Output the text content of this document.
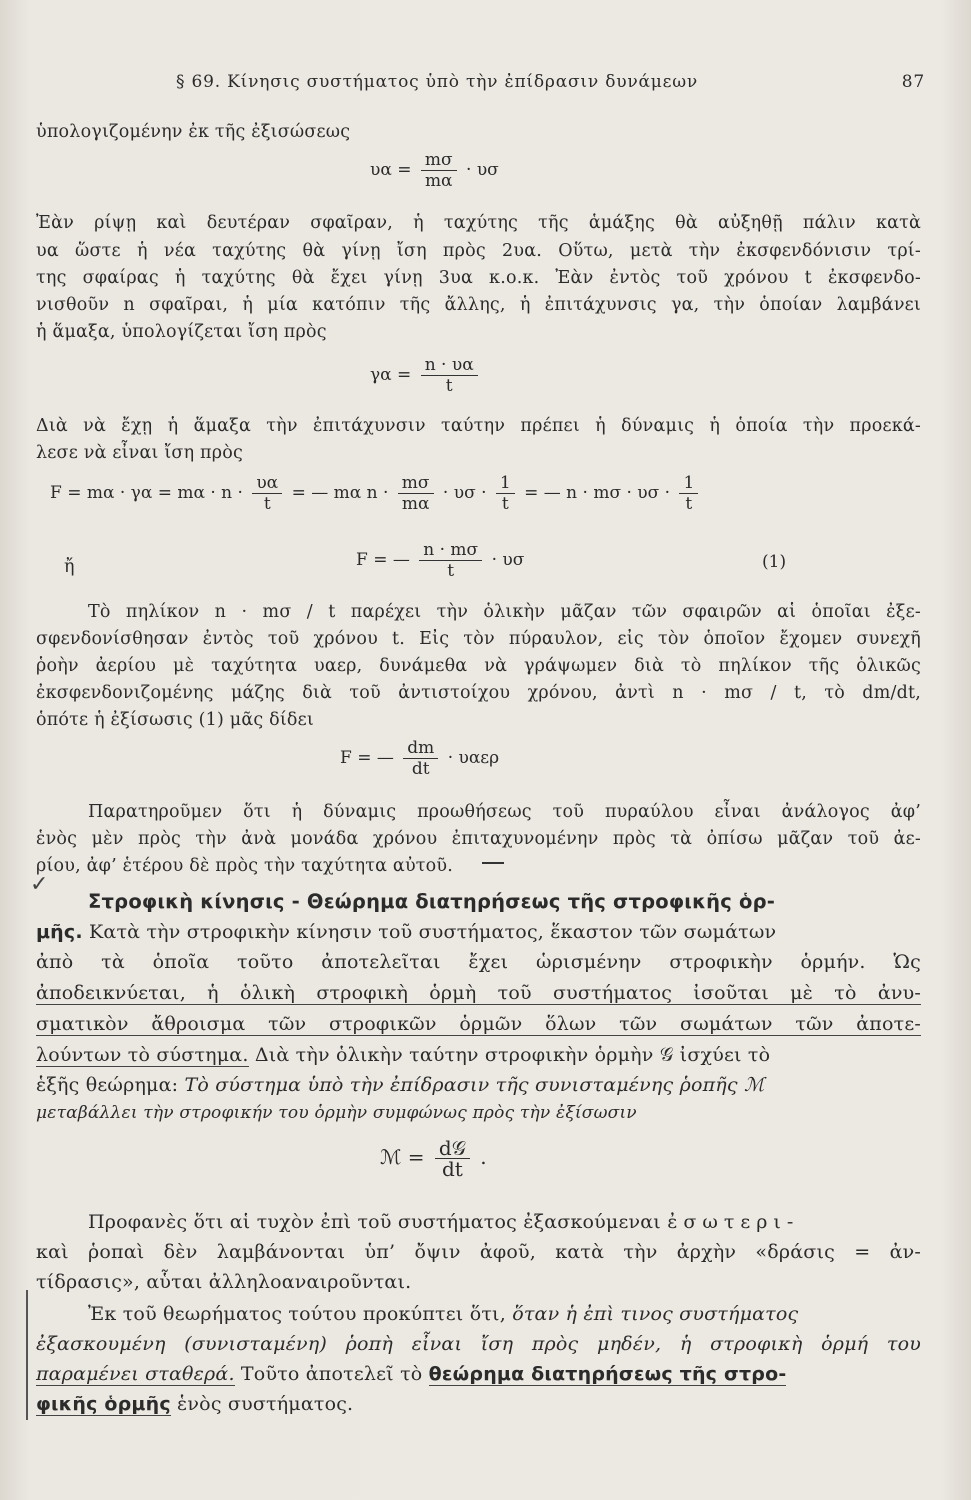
§ 69. Κίνησις συστήματος ὑπὸ τὴν ἐπίδρασιν δυνάμεων	87
ὑπολογιζομένην ἐκ τῆς ἐξισώσεως
$\upsilon\alpha = \frac{m\sigma}{m\alpha} \cdot \upsilon\sigma$
Ἐὰν ρίψῃ καὶ δευτέραν σφαῖραν, ἡ ταχύτης τῆς ἁμάξης θὰ αὐξηθῇ πάλιν κατὰ
υα ὥστε ἡ νέα ταχύτης θὰ γίνῃ ἴση πρὸς 2υα. Οὕτω, μετὰ τὴν ἐκσφενδόνισιν τρί-
της σφαίρας ἡ ταχύτης θὰ ἔχει γίνῃ 3υα κ.ο.κ. Ἐὰν ἐντὸς τοῦ χρόνου t ἐκσφενδο-
νισθοῦν n σφαῖραι, ἡ μία κατόπιν τῆς ἄλλης, ἡ ἐπιτάχυνσις γα, τὴν ὁποίαν λαμβάνει
ἡ ἅμαξα, ὑπολογίζεται ἴση πρὸς
$\gamma\alpha = \frac{n \cdot \upsilon\alpha}{t}$
Διὰ νὰ ἔχῃ ἡ ἅμαξα τὴν ἐπιτάχυνσιν ταύτην πρέπει ἡ δύναμις ἡ ὁποία τὴν προεκά-
λεσε νὰ εἶναι ἴση πρὸς
$F = m\alpha \cdot \gamma\alpha = m\alpha \cdot n \cdot \frac{\upsilon\alpha}{t}$ = — mα $n \cdot \frac{m\sigma}{m\alpha} \cdot \upsilon\sigma \cdot \frac{1}{t}$ = — $n \cdot m\sigma \cdot \upsilon\sigma \cdot \frac{1}{t}$
ἤ	F = — $\frac{n \cdot m\sigma}{t} \cdot \upsilon\sigma$	(1)
Τὸ πηλίκον n · mσ / t παρέχει τὴν ὁλικὴν μᾶζαν τῶν σφαιρῶν αἱ ὁποῖαι ἐξε-
σφενδονίσθησαν ἐντὸς τοῦ χρόνου t. Εἰς τὸν πύραυλον, εἰς τὸν ὁποῖον ἔχομεν συνεχῆ
ῥοὴν ἀερίου μὲ ταχύτητα υαερ, δυνάμεθα νὰ γράψωμεν διὰ τὸ πηλίκον τῆς ὁλικῶς
ἐκσφενδονιζομένης μάζης διὰ τοῦ ἀντιστοίχου χρόνου, ἀντὶ n · mσ / t, τὸ dm/dt,
ὁπότε ἡ ἐξίσωσις (1) μᾶς δίδει
F = — $\frac{dm}{dt} \cdot \upsilon\alpha\varepsilon\rho$
Παρατηροῦμεν ὅτι ἡ δύναμις προωθήσεως τοῦ πυραύλου εἶναι ἀνάλογος ἀφ’
ἑνὸς μὲν πρὸς τὴν ἀνὰ μονάδα χρόνου ἐπιταχυνομένην πρὸς τὰ ὀπίσω μᾶζαν τοῦ ἀε-
ρίου, ἀφ’ ἑτέρου δὲ πρὸς τὴν ταχύτητα αὐτοῦ.
✓
Στροφικὴ κίνησις - Θεώρημα διατηρήσεως τῆς στροφικῆς ὁρ-
μῆς. Κατὰ τὴν στροφικὴν κίνησιν τοῦ συστήματος, ἕκαστον τῶν σωμάτων
ἀπὸ τὰ ὁποῖα τοῦτο ἀποτελεῖται ἔχει ὡρισμένην στροφικὴν ὁρμήν. Ὡς
ἀποδεικνύεται, ἡ ὁλικὴ στροφικὴ ὁρμὴ τοῦ συστήματος ἰσοῦται μὲ τὸ ἀνυ-
σματικὸν ἄθροισμα τῶν στροφικῶν ὁρμῶν ὅλων τῶν σωμάτων τῶν ἀποτε-
λούντων τὸ σύστημα. Διὰ τὴν ὁλικὴν ταύτην στροφικὴν ὁρμὴν 𝒢 ἰσχύει τὸ
ἑξῆς θεώρημα: Τὸ σύστημα ὑπὸ τὴν ἐπίδρασιν τῆς συνισταμένης ῥοπῆς ℳ
μεταβάλλει τὴν στροφικήν του ὁρμὴν συμφώνως πρὸς τὴν ἐξίσωσιν
ℳ = $\frac{\text{d𝒢}}{dt}$ .
Προφανὲς ὅτι αἱ τυχὸν ἐπὶ τοῦ συστήματος ἐξασκούμεναι ἐσωτερι-
καὶ ῥοπαὶ δὲν λαμβάνονται ὑπ’ ὄψιν ἀφοῦ, κατὰ τὴν ἀρχὴν «δράσις = ἀν-
τίδρασις», αὗται ἀλληλοαναιροῦνται.
Ἐκ τοῦ θεωρήματος τούτου προκύπτει ὅτι, ὅταν ἡ ἐπὶ τινος συστήματος
ἐξασκουμένη (συνισταμένη) ῥοπὴ εἶναι ἴση πρὸς μηδέν, ἡ στροφικὴ ὁρμή του
παραμένει σταθερά. Τοῦτο ἀποτελεῖ τὸ θεώρημα διατηρήσεως τῆς στρο-
φικῆς ὁρμῆς ἑνὸς συστήματος.
